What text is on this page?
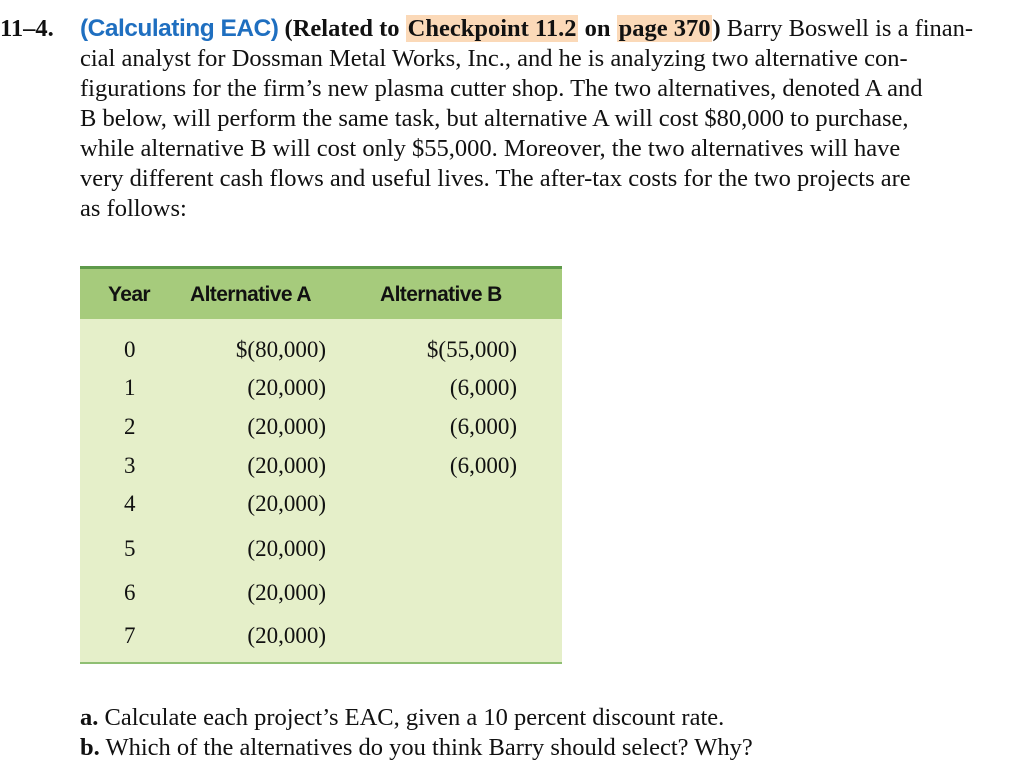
11–4. (Calculating EAC) (Related to Checkpoint 11.2 on page 370) Barry Boswell is a finan-
cial analyst for Dossman Metal Works, Inc., and he is analyzing two alternative con-
figurations for the firm’s new plasma cutter shop. The two alternatives, denoted A and
B below, will perform the same task, but alternative A will cost $80,000 to purchase,
while alternative B will cost only $55,000. Moreover, the two alternatives will have
very different cash flows and useful lives. The after-tax costs for the two projects are
as follows:
Year Alternative A	Alternative B
0	$(80,000)	$(55,000)
1	(20,000)	(6,000)
2	(20,000)	(6,000)
3	(20,000)	(6,000)
4	(20,000)
5	(20,000)
6	(20,000)
7	(20,000)
a. Calculate each project’s EAC, given a 10 percent discount rate.
b. Which of the alternatives do you think Barry should select? Why?
